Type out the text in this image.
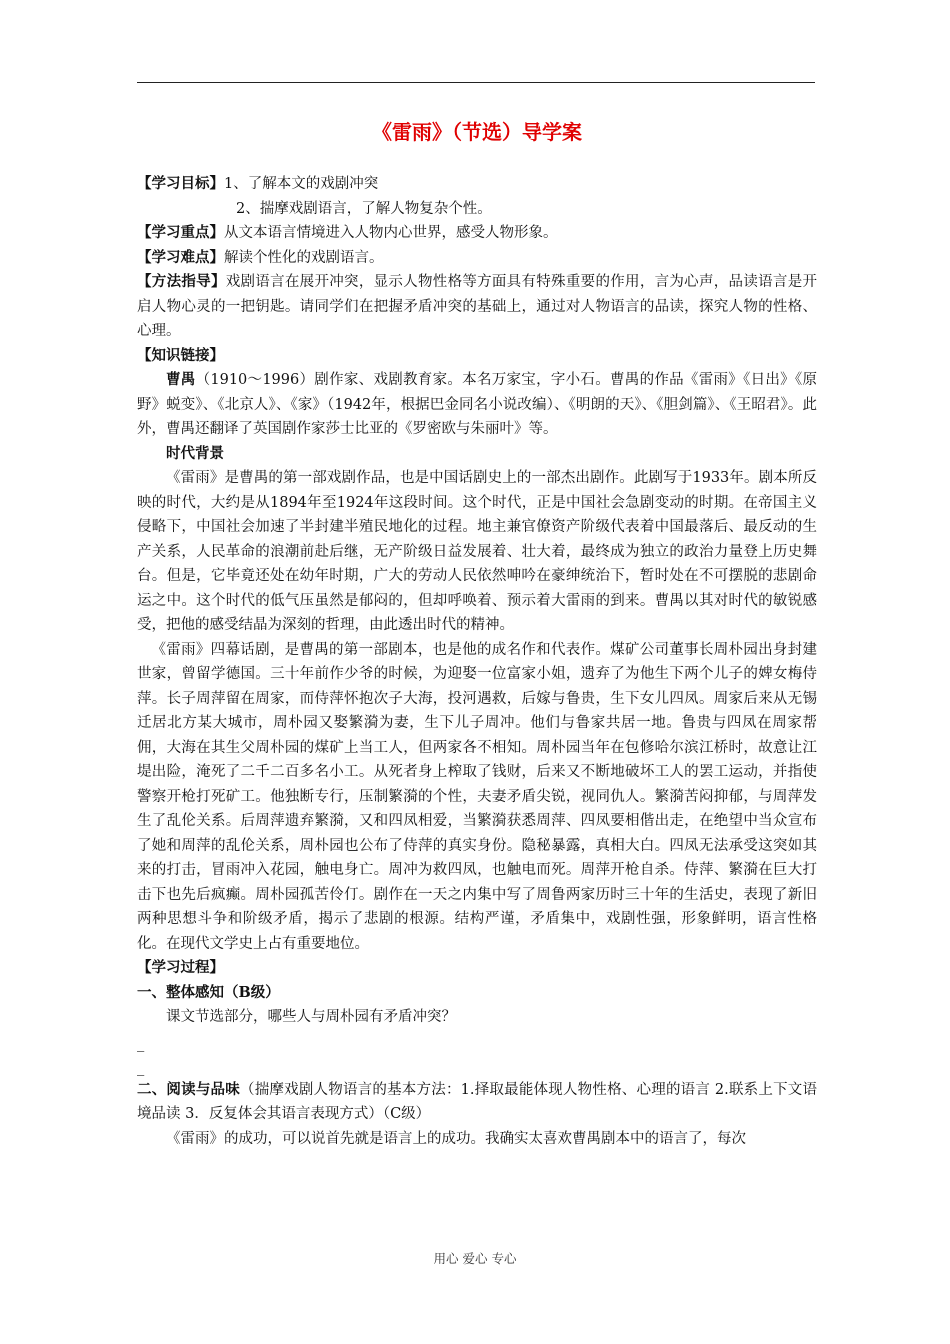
《雷雨》（节选）导学案

【学习目标】1、了解本文的戏剧冲突

2、揣摩戏剧语言，了解人物复杂个性。

【学习重点】从文本语言情境进入人物内心世界，感受人物形象。

【学习难点】解读个性化的戏剧语言。

【方法指导】戏剧语言在展开冲突，显示人物性格等方面具有特殊重要的作用，言为心声，品读语言是开启人物心灵的一把钥匙。请同学们在把握矛盾冲突的基础上，通过对人物语言的品读，探究人物的性格、心理。

【知识链接】

曹禺（1910～1996）剧作家、戏剧教育家。本名万家宝，字小石。曹禺的作品《雷雨》《日出》《原野》蜕变》、《北京人》、《家》（1942年，根据巴金同名小说改编）、《明朗的天》、《胆剑篇》、《王昭君》。此外，曹禺还翻译了英国剧作家莎士比亚的《罗密欧与朱丽叶》等。

时代背景

《雷雨》是曹禺的第一部戏剧作品，也是中国话剧史上的一部杰出剧作。此剧写于1933年。剧本所反映的时代，大约是从1894年至1924年这段时间。这个时代，正是中国社会急剧变动的时期。在帝国主义侵略下，中国社会加速了半封建半殖民地化的过程。地主兼官僚资产阶级代表着中国最落后、最反动的生产关系，人民革命的浪潮前赴后继，无产阶级日益发展着、壮大着，最终成为独立的政治力量登上历史舞台。但是，它毕竟还处在幼年时期，广大的劳动人民依然呻吟在豪绅统治下，暂时处在不可摆脱的悲剧命运之中。这个时代的低气压虽然是郁闷的，但却呼唤着、预示着大雷雨的到来。曹禺以其对时代的敏锐感受，把他的感受结晶为深刻的哲理，由此透出时代的精神。

《雷雨》四幕话剧，是曹禺的第一部剧本，也是他的成名作和代表作。煤矿公司董事长周朴园出身封建世家，曾留学德国。三十年前作少爷的时候，为迎娶一位富家小姐，遗弃了为他生下两个儿子的婢女梅侍萍。长子周萍留在周家，而侍萍怀抱次子大海，投河遇救，后嫁与鲁贵，生下女儿四凤。周家后来从无锡迁居北方某大城市，周朴园又娶繁漪为妻，生下儿子周冲。他们与鲁家共居一地。鲁贵与四凤在周家帮佣，大海在其生父周朴园的煤矿上当工人，但两家各不相知。周朴园当年在包修哈尔滨江桥时，故意让江堤出险，淹死了二千二百多名小工。从死者身上榨取了钱财，后来又不断地破坏工人的罢工运动，并指使警察开枪打死矿工。他独断专行，压制繁漪的个性，夫妻矛盾尖锐，视同仇人。繁漪苦闷抑郁，与周萍发生了乱伦关系。后周萍遗弃繁漪，又和四凤相爱，当繁漪获悉周萍、四凤要相偕出走，在绝望中当众宣布了她和周萍的乱伦关系，周朴园也公布了侍萍的真实身份。隐秘暴露，真相大白。四凤无法承受这突如其来的打击，冒雨冲入花园，触电身亡。周冲为救四凤，也触电而死。周萍开枪自杀。侍萍、繁漪在巨大打击下也先后疯癫。周朴园孤苦伶仃。剧作在一天之内集中写了周鲁两家历时三十年的生活史，表现了新旧两种思想斗争和阶级矛盾，揭示了悲剧的根源。结构严谨，矛盾集中，戏剧性强，形象鲜明，语言性格化。在现代文学史上占有重要地位。

【学习过程】

一、整体感知（B级）

课文节选部分，哪些人与周朴园有矛盾冲突？

_

_

二、阅读与品味（揣摩戏剧人物语言的基本方法：1.择取最能体现人物性格、心理的语言 2.联系上下文语境品读 3．反复体会其语言表现方式）（C级）

《雷雨》的成功，可以说首先就是语言上的成功。我确实太喜欢曹禺剧本中的语言了，每次

用心 爱心 专心
